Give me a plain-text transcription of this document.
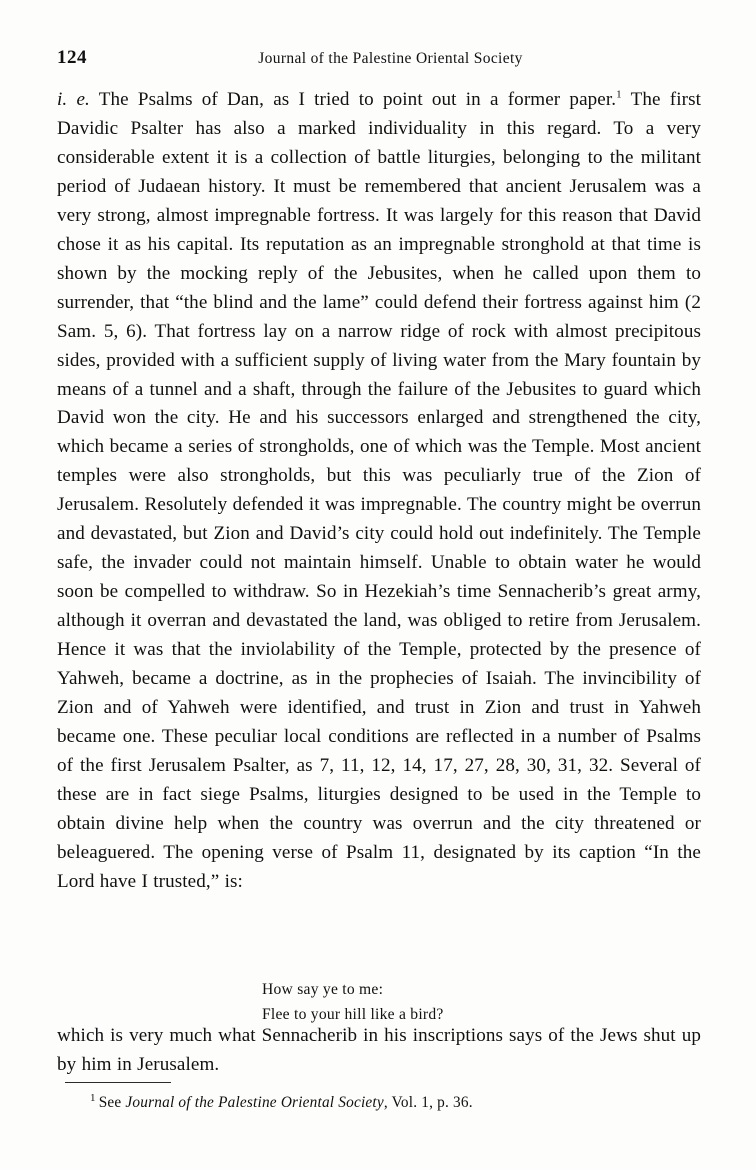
124	Journal of the Palestine Oriental Society

i. e. The Psalms of Dan, as I tried to point out in a former paper.$^1$ The first Davidic Psalter has also a marked individuality in this regard. To a very considerable extent it is a collection of battle liturgies, belonging to the militant period of Judaean history. It must be remembered that ancient Jerusalem was a very strong, almost impregnable fortress. It was largely for this reason that David chose it as his capital. Its reputation as an impregnable stronghold at that time is shown by the mocking reply of the Jebusites, when he called upon them to surrender, that “the blind and the lame” could defend their fortress against him (2 Sam. 5, 6). That fortress lay on a narrow ridge of rock with almost precipitous sides, provided with a sufficient supply of living water from the Mary fountain by means of a tunnel and a shaft, through the failure of the Jebusites to guard which David won the city. He and his successors enlarged and strengthened the city, which became a series of strongholds, one of which was the Temple. Most ancient temples were also strongholds, but this was peculiarly true of the Zion of Jerusalem. Resolutely defended it was impregnable. The country might be overrun and devastated, but Zion and David’s city could hold out indefinitely. The Temple safe, the invader could not maintain himself. Unable to obtain water he would soon be compelled to withdraw. So in Hezekiah’s time Sennacherib’s great army, although it overran and devastated the land, was obliged to retire from Jerusalem. Hence it was that the inviolability of the Temple, protected by the presence of Yahweh, became a doctrine, as in the prophecies of Isaiah. The invincibility of Zion and of Yahweh were identified, and trust in Zion and trust in Yahweh became one. These peculiar local conditions are reflected in a number of Psalms of the first Jerusalem Psalter, as 7, 11, 12, 14, 17, 27, 28, 30, 31, 32. Several of these are in fact siege Psalms, liturgies designed to be used in the Temple to obtain divine help when the country was overrun and the city threatened or beleaguered. The opening verse of Psalm 11, designated by its caption “In the Lord have I trusted,” is:

How say ye to me:
Flee to your hill like a bird?

which is very much what Sennacherib in his inscriptions says of the Jews shut up by him in Jerusalem.

$^1$ See Journal of the Palestine Oriental Society, Vol. 1, p. 36.
